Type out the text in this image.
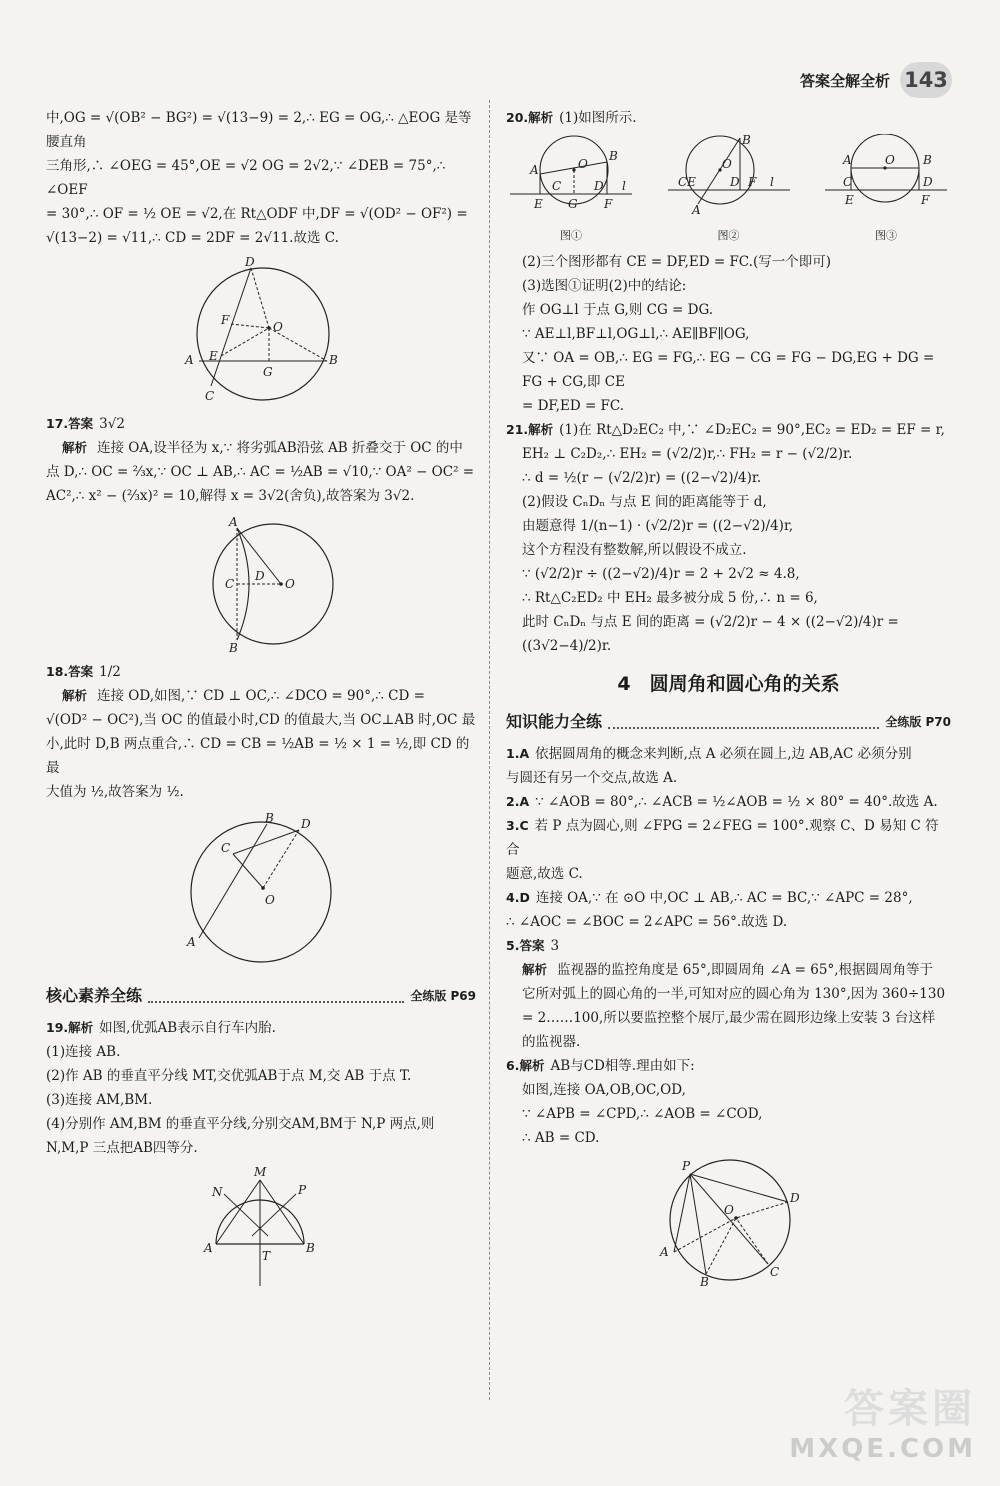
答案全解全析 143

中,OG = √(OB² − BG²) = √(13−9) = 2,∴ EG = OG,∴ △EOG 是等腰直角

三角形,∴ ∠OEG = 45°,OE = √2 OG = 2√2,∵ ∠DEB = 75°,∴ ∠OEF

= 30°,∴ OF = ½ OE = √2,在 Rt△ODF 中,DF = √(OD² − OF²) =

√(13−2) = √11,∴ CD = 2DF = 2√11.故选 C.

D
F	O
A E
G
B
C

17.答案 3√2

解析 连接 OA,设半径为 x,∵ 将劣弧AB沿弦 AB 折叠交于 OC 的中

点 D,∴ OC = ⅔x,∵ OC ⊥ AB,∴ AC = ½AB = √10,∵ OA² − OC² =

AC²,∴ x² − (⅔x)² = 10,解得 x = 3√2(舍负),故答案为 3√2.

A
C
D
O
B

18.答案 1/2

解析 连接 OD,如图,∵ CD ⊥ OC,∴ ∠DCO = 90°,∴ CD =

√(OD² − OC²),当 OC 的值最小时,CD 的值最大,当 OC⊥AB 时,OC 最

小,此时 D,B 两点重合,∴ CD = CB = ½AB = ½ × 1 = ½,即 CD 的最

大值为 ½,故答案为 ½.

B D
C
O
A
核心素养全练	全练版 P69

19.解析 如图,优弧AB表示自行车内胎.

(1)连接 AB.

(2)作 AB 的垂直平分线 MT,交优弧AB于点 M,交 AB 于点 T.

(3)连接 AM,BM.

(4)分别作 AM,BM 的垂直平分线,分别交AM,BM于 N,P 两点,则

N,M,P 三点把AB四等分.

M
N	P
A	B
T

20.解析 (1)如图所示.

A
B
C
O
D l
E G F
图①
B
O
CE	D F l
A
图②
A	O B
C	D
E	F
图③

(2)三个图形都有 CE = DF,ED = FC.(写一个即可)

(3)选图①证明(2)中的结论:

作 OG⊥l 于点 G,则 CG = DG.

∵ AE⊥l,BF⊥l,OG⊥l,∴ AE∥BF∥OG,

又∵ OA = OB,∴ EG = FG,∴ EG − CG = FG − DG,EG + DG = FG + CG,即 CE

= DF,ED = FC.

21.解析 (1)在 Rt△D₂EC₂ 中,∵ ∠D₂EC₂ = 90°,EC₂ = ED₂ = EF = r,

EH₂ ⊥ C₂D₂,∴ EH₂ = (√2/2)r,∴ FH₂ = r − (√2/2)r.

∴ d = ½(r − (√2/2)r) = ((2−√2)/4)r.

(2)假设 CₙDₙ 与点 E 间的距离能等于 d,

由题意得 1/(n−1) · (√2/2)r = ((2−√2)/4)r,

这个方程没有整数解,所以假设不成立.

∵ (√2/2)r ÷ ((2−√2)/4)r = 2 + 2√2 ≈ 4.8,

∴ Rt△C₂ED₂ 中 EH₂ 最多被分成 5 份,∴ n = 6,

此时 CₙDₙ 与点 E 间的距离 = (√2/2)r − 4 × ((2−√2)/4)r = ((3√2−4)/2)r.

4　圆周角和圆心角的关系
知识能力全练	全练版 P70

1.A 依据圆周角的概念来判断,点 A 必须在圆上,边 AB,AC 必须分别

与圆还有另一个交点,故选 A.

2.A ∵ ∠AOB = 80°,∴ ∠ACB = ½∠AOB = ½ × 80° = 40°.故选 A.

3.C 若 P 点为圆心,则 ∠FPG = 2∠FEG = 100°.观察 C、D 易知 C 符合

题意,故选 C.

4.D 连接 OA,∵ 在 ⊙O 中,OC ⊥ AB,∴ AC = BC,∵ ∠APC = 28°,

∴ ∠AOC = ∠BOC = 2∠APC = 56°.故选 D.

5.答案 3

解析 监视器的监控角度是 65°,即圆周角 ∠A = 65°,根据圆周角等于

它所对弧上的圆心角的一半,可知对应的圆心角为 130°,因为 360÷130

= 2……100,所以要监控整个展厅,最少需在圆形边缘上安装 3 台这样

的监视器.

6.解析 AB与CD相等.理由如下:

如图,连接 OA,OB,OC,OD,

∵ ∠APB = ∠CPD,∴ ∠AOB = ∠COD,

∴ AB = CD.

P
D
O
A
C
B
答案圈
MXQE.COM
